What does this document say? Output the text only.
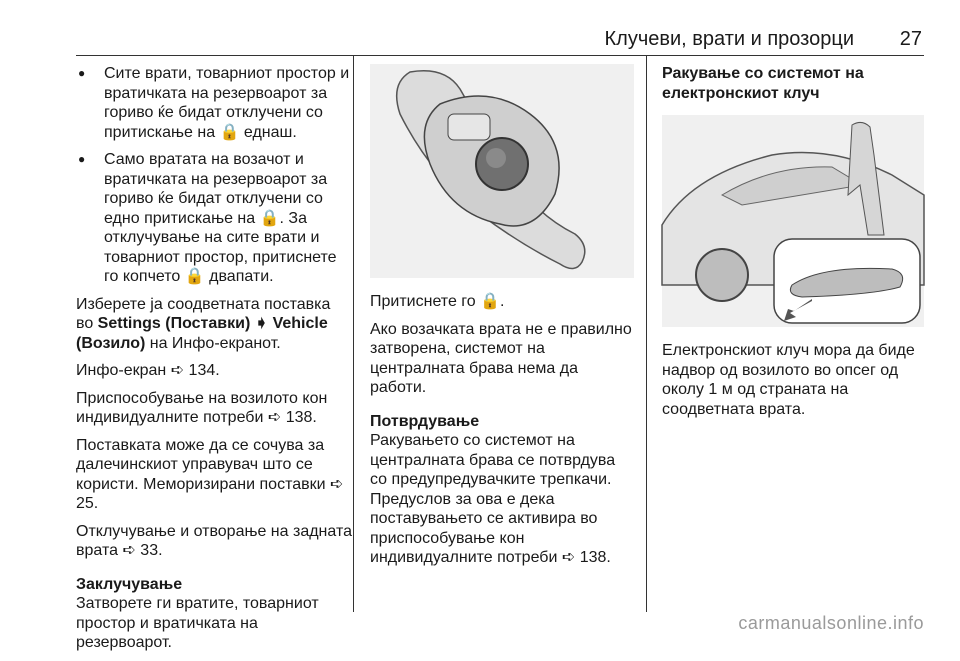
Клучеви, врати и прозорци 27
● Сите врати, товарниот простор и вратичката на резервоарот за гориво ќе бидат отклучени со притискање на 🔒 еднаш.
● Само вратата на возачот и вратичката на резервоарот за гориво ќе бидат отклучени со едно притискање на 🔒. За отклучување на сите врати и товарниот простор, притиснете го копчето 🔒 двапати.
Изберете ја соодветната поставка во Settings (Поставки) ➧ Vehicle (Возило) на Инфо-екранот.
Инфо-екран ➪ 134.
Приспособување на возилото кон индивидуалните потреби ➪ 138.
Поставката може да се сочува за далечинскиот управувач што се користи. Меморизирани поставки ➪ 25.
Отклучување и отворање на задната врата ➪ 33.
Заклучување
Затворете ги вратите, товарниот простор и вратичката на резервоарот.
Притиснете го 🔒.
Ако возачката врата не е правилно затворена, системот на централната брава нема да работи.
Потврдување
Ракувањето со системот на централната брава се потврдува со предупредувачките трепкачи. Предуслов за ова е дека поставувањето се активира во приспособување кон индивидуалните потреби ➪ 138.
Ракување со системот на електронскиот клуч
Електронскиот клуч мора да биде надвор од возилото во опсег од околу 1 м од страната на соодветната врата.
carmanualsonline.info
